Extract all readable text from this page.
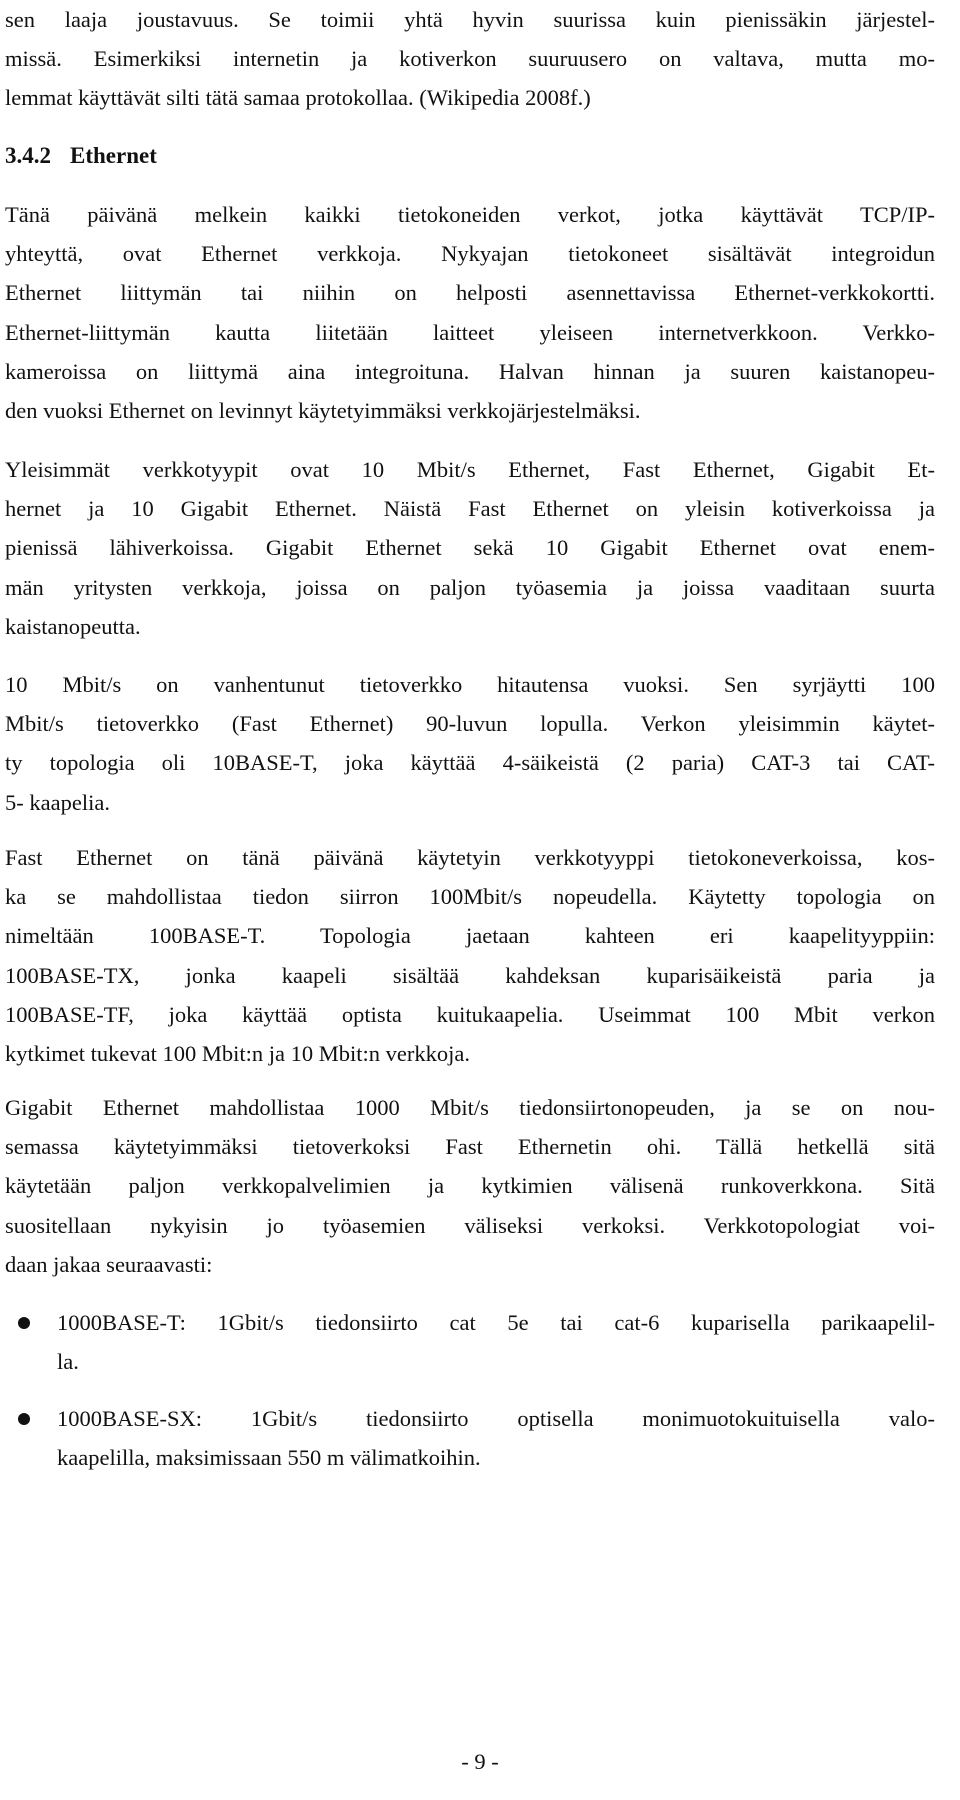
sen laaja joustavuus. Se toimii yhtä hyvin suurissa kuin pienissäkin järjestel-
missä. Esimerkiksi internetin ja kotiverkon suuruusero on valtava, mutta mo-
lemmat käyttävät silti tätä samaa protokollaa. (Wikipedia 2008f.)
3.4.2 Ethernet
Tänä päivänä melkein kaikki tietokoneiden verkot, jotka käyttävät TCP/IP-
yhteyttä, ovat Ethernet verkkoja. Nykyajan tietokoneet sisältävät integroidun
Ethernet liittymän tai niihin on helposti asennettavissa Ethernet-verkkokortti.
Ethernet-liittymän kautta liitetään laitteet yleiseen internetverkkoon. Verkko-
kameroissa on liittymä aina integroituna. Halvan hinnan ja suuren kaistanopeu-
den vuoksi Ethernet on levinnyt käytetyimmäksi verkkojärjestelmäksi.
Yleisimmät verkkotyypit ovat 10 Mbit/s Ethernet, Fast Ethernet, Gigabit Et-
hernet ja 10 Gigabit Ethernet. Näistä Fast Ethernet on yleisin kotiverkoissa ja
pienissä lähiverkoissa. Gigabit Ethernet sekä 10 Gigabit Ethernet ovat enem-
män yritysten verkkoja, joissa on paljon työasemia ja joissa vaaditaan suurta
kaistanopeutta.
10 Mbit/s on vanhentunut tietoverkko hitautensa vuoksi. Sen syrjäytti 100
Mbit/s tietoverkko (Fast Ethernet) 90-luvun lopulla. Verkon yleisimmin käytet-
ty topologia oli 10BASE-T, joka käyttää 4-säikeistä (2 paria) CAT-3 tai CAT-
5- kaapelia.
Fast Ethernet on tänä päivänä käytetyin verkkotyyppi tietokoneverkoissa, kos-
ka se mahdollistaa tiedon siirron 100Mbit/s nopeudella. Käytetty topologia on
nimeltään 100BASE-T. Topologia jaetaan kahteen eri kaapelityyppiin:
100BASE-TX, jonka kaapeli sisältää kahdeksan kuparisäikeistä paria ja
100BASE-TF, joka käyttää optista kuitukaapelia. Useimmat 100 Mbit verkon
kytkimet tukevat 100 Mbit:n ja 10 Mbit:n verkkoja.
Gigabit Ethernet mahdollistaa 1000 Mbit/s tiedonsiirtonopeuden, ja se on nou-
semassa käytetyimmäksi tietoverkoksi Fast Ethernetin ohi. Tällä hetkellä sitä
käytetään paljon verkkopalvelimien ja kytkimien välisenä runkoverkkona. Sitä
suositellaan nykyisin jo työasemien väliseksi verkoksi. Verkkotopologiat voi-
daan jakaa seuraavasti:
1000BASE-T: 1Gbit/s tiedonsiirto cat 5e tai cat-6 kuparisella parikaapelil-
la.
1000BASE-SX: 1Gbit/s tiedonsiirto optisella monimuotokuituisella valo-
kaapelilla, maksimissaan 550 m välimatkoihin.
- 9 -
